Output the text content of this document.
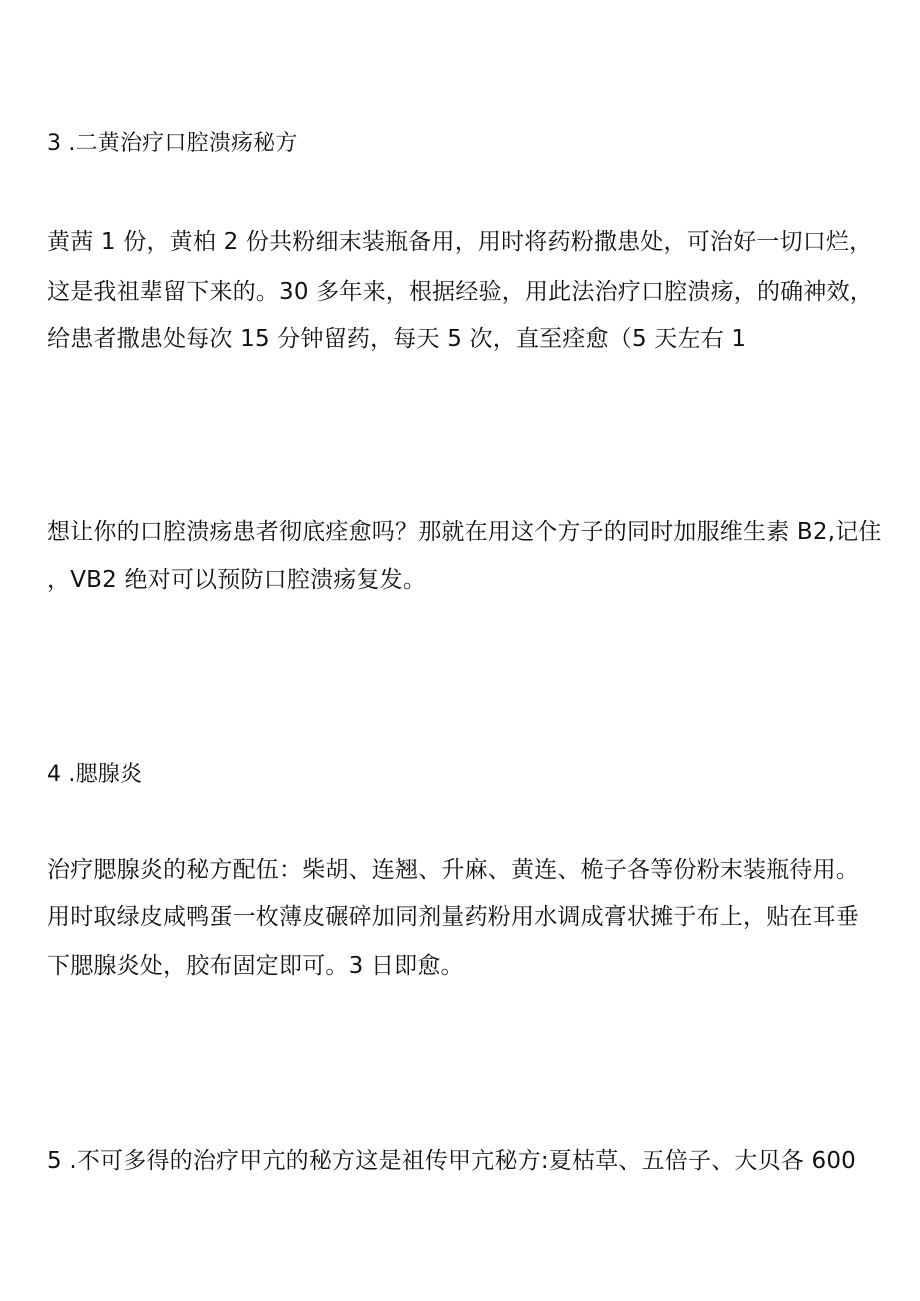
3 .二黄治疗口腔溃疡秘方
黄茜 1 份，黄柏 2 份共粉细末装瓶备用，用时将药粉撒患处，可治好一切口烂，
这是我祖辈留下来的。30 多年来，根据经验，用此法治疗口腔溃疡，的确神效，
给患者撒患处每次 15 分钟留药，每天 5 次，直至痊愈（5 天左右 1
想让你的口腔溃疡患者彻底痊愈吗？那就在用这个方子的同时加服维生素 B2,记住
，VB2 绝对可以预防口腔溃疡复发。
4 .腮腺炎
治疗腮腺炎的秘方配伍：柴胡、连翘、升麻、黄连、桅子各等份粉末装瓶待用。
用时取绿皮咸鸭蛋一枚薄皮碾碎加同剂量药粉用水调成膏状摊于布上，贴在耳垂
下腮腺炎处，胶布固定即可。3 日即愈。
5 .不可多得的治疗甲亢的秘方这是祖传甲亢秘方:夏枯草、五倍子、大贝各 600
